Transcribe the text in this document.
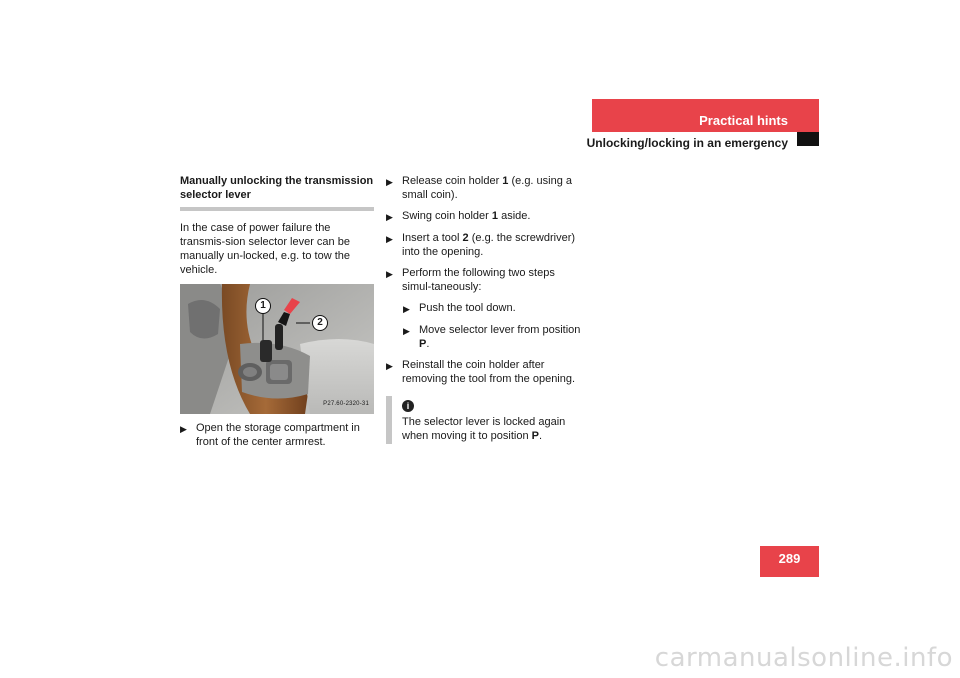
Practical hints
Unlocking/locking in an emergency
Manually unlocking the transmission selector lever
In the case of power failure the transmis-sion selector lever can be manually un-locked, e.g. to tow the vehicle.
1
2
P27.60-2320-31
▶ Open the storage compartment in front of the center armrest.
▶ Release coin holder 1 (e.g. using a small coin).
▶ Swing coin holder 1 aside.
▶ Insert a tool 2 (e.g. the screwdriver) into the opening.
▶ Perform the following two steps simul-taneously:
▶ Push the tool down.
▶ Move selector lever from position P.
▶ Reinstall the coin holder after removing the tool from the opening.
i
The selector lever is locked again when moving it to position P.
289
carmanualsonline.info
